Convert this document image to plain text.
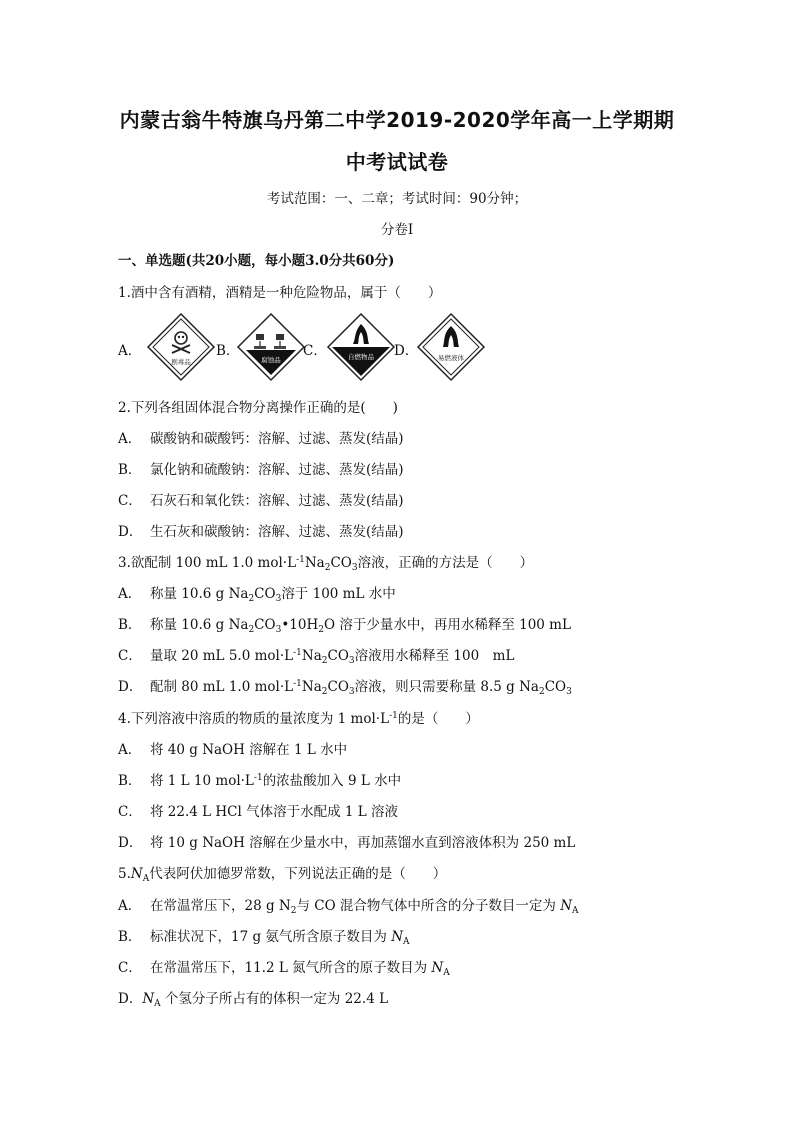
内蒙古翁牛特旗乌丹第二中学2019-2020学年高一上学期期
中考试试卷
考试范围：一、二章；考试时间：90分钟；
分卷I
一、单选题(共20小题，每小题3.0分共60分)
1.酒中含有酒精，酒精是一种危险物品，属于（　　）
A．
剧毒品
B．
腐蚀品
C．	自燃物品 D．	易燃液体
2.下列各组固体混合物分离操作正确的是(　　)
A． 碳酸钠和碳酸钙：溶解、过滤、蒸发(结晶)
B． 氯化钠和硫酸钠：溶解、过滤、蒸发(结晶)
C． 石灰石和氧化铁：溶解、过滤、蒸发(结晶)
D． 生石灰和碳酸钠：溶解、过滤、蒸发(结晶)
3.欲配制 100 mL 1.0 $mol\cdot L^{-1}Na_2CO_3$溶液，正确的方法是（　　）
A． 称量 10.6 g $Na_2CO_3$溶于 100 mL 水中
B． 称量 10.6 g $Na_2CO_3•10H_2O$ 溶于少量水中，再用水稀释至 100 mL
C． 量取 20 mL 5.0 $mol\cdot L^{-1}Na_2CO_3$溶液用水稀释至 100　mL
D． 配制 80 mL 1.0 $mol\cdot L^{-1}Na_2CO_3$溶液，则只需要称量 8.5 g $Na_2CO_3$
4.下列溶液中溶质的物质的量浓度为 1 $mol\cdot L^{-1}$的是（　　）
A． 将 40 g NaOH 溶解在 1 L 水中
B． 将 1 L 10 $mol\cdot L^{-1}$的浓盐酸加入 9 L 水中
C． 将 22.4 L HCl 气体溶于水配成 1 L 溶液
D． 将 10 g NaOH 溶解在少量水中，再加蒸馏水直到溶液体积为 250 mL
$5.N_A$代表阿伏加德罗常数，下列说法正确的是（　　）
A． 在常温常压下，28 g $N_2$与 CO 混合物气体中所含的分子数目一定为 $N_A$
B． 标准状况下，17 g 氨气所含原子数目为 $N_A$
C． 在常温常压下，11.2 L 氮气所含的原子数目为 $N_A$
D．$N_A$ 个氢分子所占有的体积一定为 22.4 L
